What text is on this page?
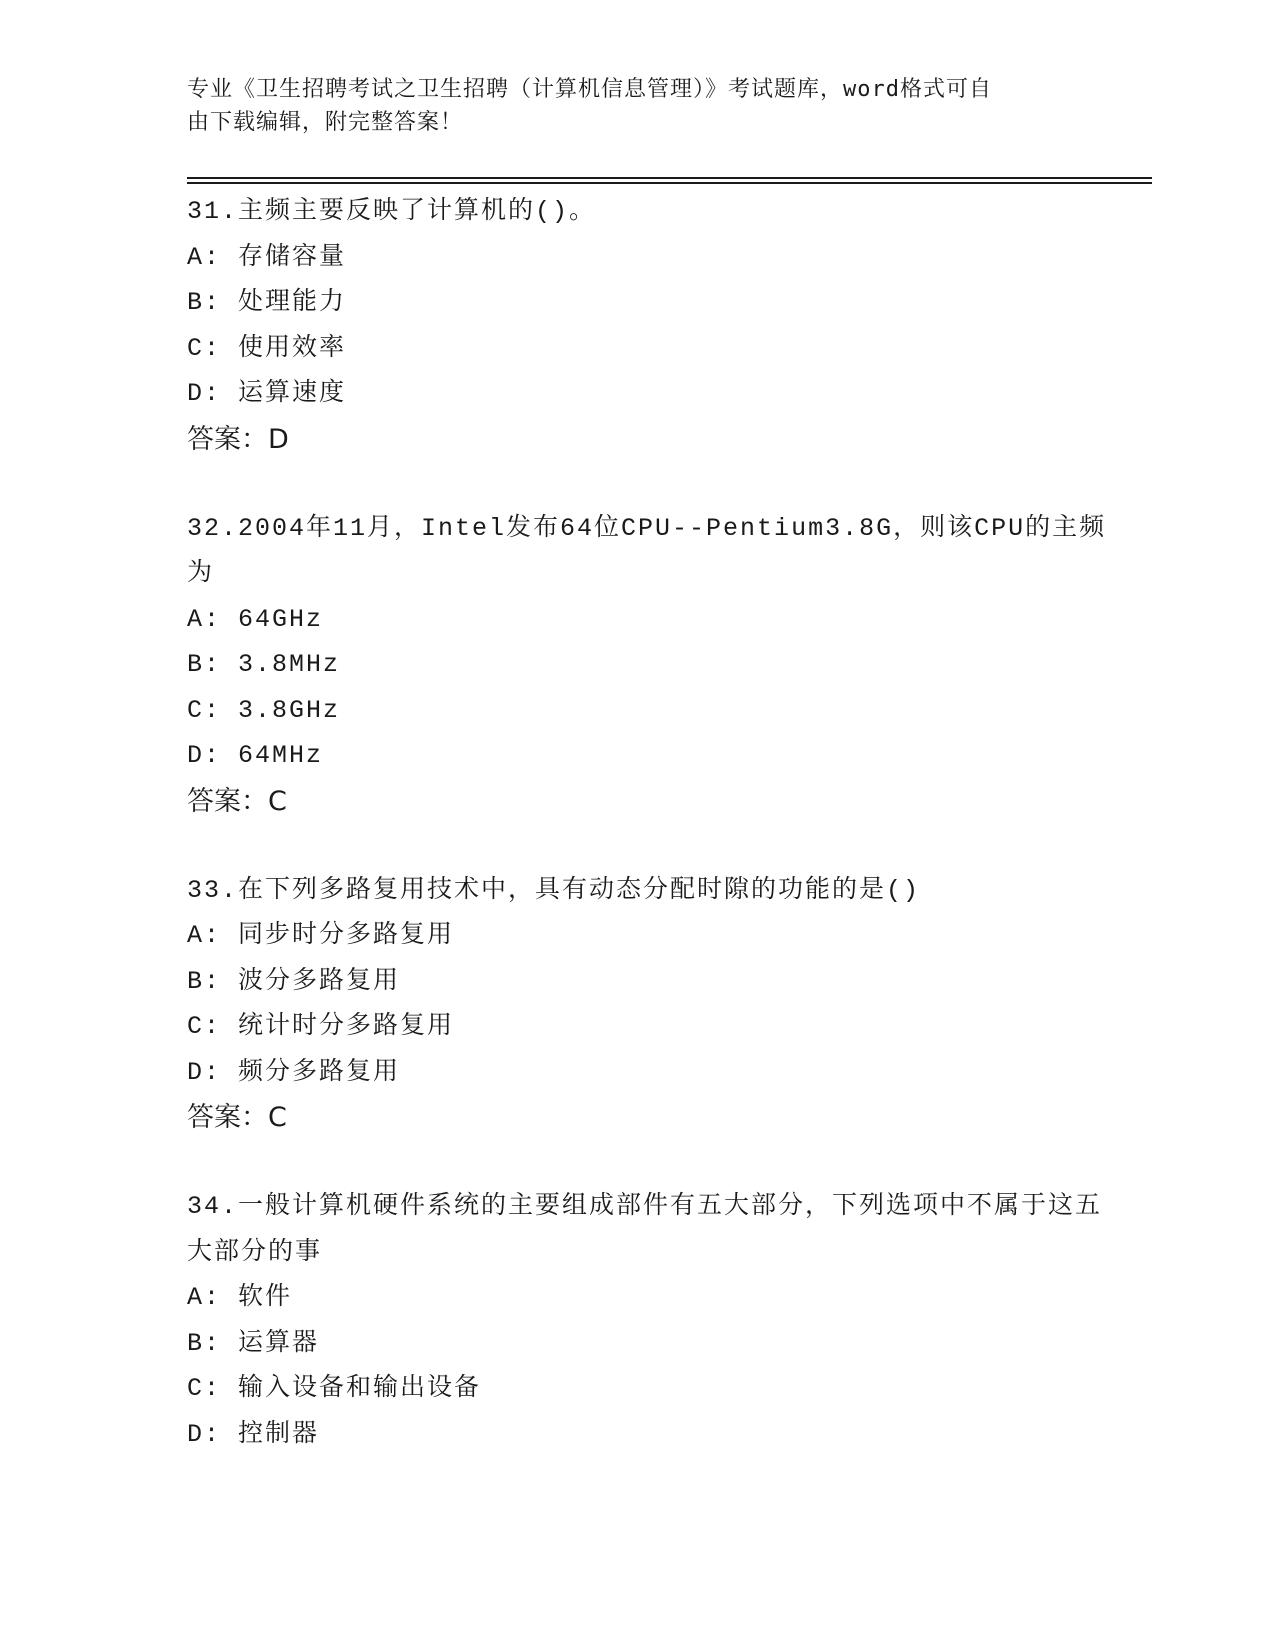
专业《卫生招聘考试之卫生招聘（计算机信息管理）》考试题库，word格式可自
由下载编辑，附完整答案！

31.主频主要反映了计算机的()。

A: 存储容量

B: 处理能力

C: 使用效率

D: 运算速度

答案：D

32.2004年11月，Intel发布64位CPU--Pentium3.8G，则该CPU的主频为

A: 64GHz

B: 3.8MHz

C: 3.8GHz

D: 64MHz

答案：C

33.在下列多路复用技术中，具有动态分配时隙的功能的是()

A: 同步时分多路复用

B: 波分多路复用

C: 统计时分多路复用

D: 频分多路复用

答案：C

34.一般计算机硬件系统的主要组成部件有五大部分，下列选项中不属于这五大部分的事

A: 软件

B: 运算器

C: 输入设备和输出设备

D: 控制器
